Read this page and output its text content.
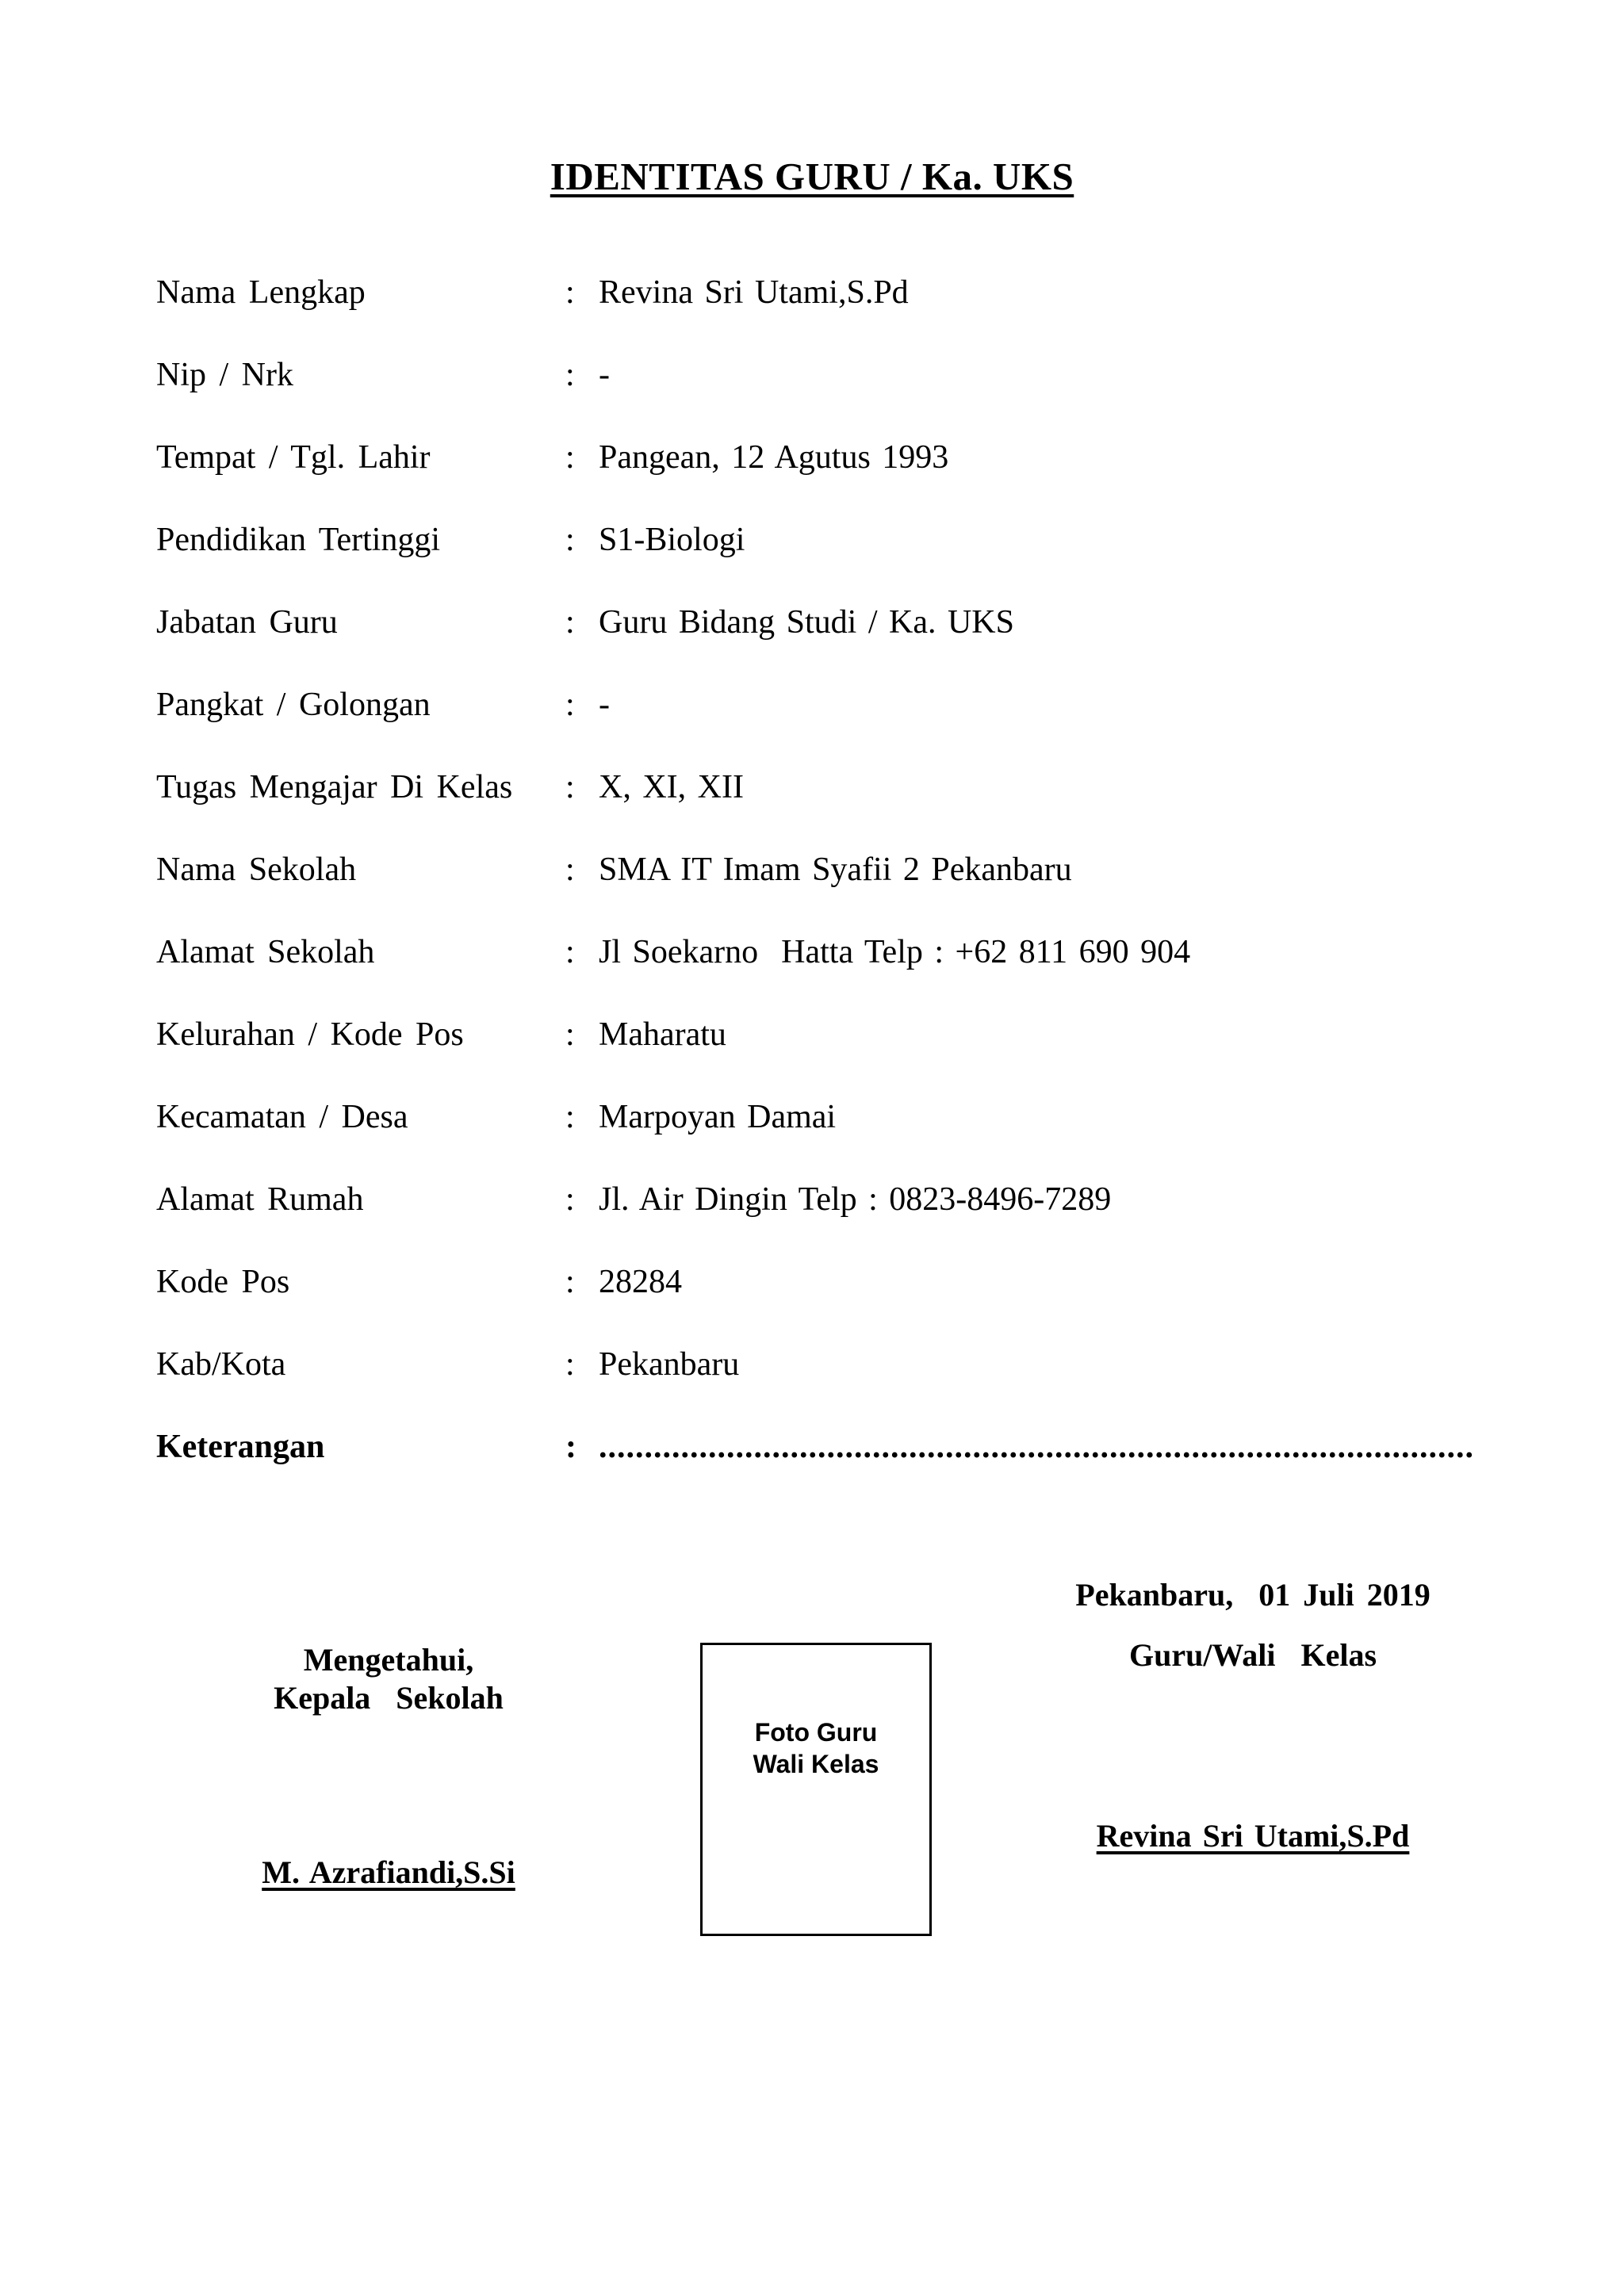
IDENTITAS GURU / Ka. UKS
Nama Lengkap	: Revina Sri Utami,S.Pd
Nip / Nrk	: -
Tempat / Tgl. Lahir	: Pangean, 12 Agutus 1993
Pendidikan Tertinggi	: S1-Biologi
Jabatan Guru	: Guru Bidang Studi / Ka. UKS
Pangkat / Golongan	: -
Tugas Mengajar Di Kelas	: X, XI, XII
Nama Sekolah	: SMA IT Imam Syafii 2 Pekanbaru
Alamat Sekolah	: Jl Soekarno  Hatta Telp : +62 811 690 904
Kelurahan / Kode Pos	: Maharatu
Kecamatan / Desa	: Marpoyan Damai
Alamat Rumah	: Jl. Air Dingin Telp : 0823-8496-7289
Kode Pos	: 28284
Kab/Kota	: Pekanbaru
Keterangan	: ................................................................................................
Pekanbaru,  01 Juli 2019
Guru/Wali  Kelas
Revina Sri Utami,S.Pd
Mengetahui,
Kepala  Sekolah
M. Azrafiandi,S.Si
Foto Guru
Wali Kelas
